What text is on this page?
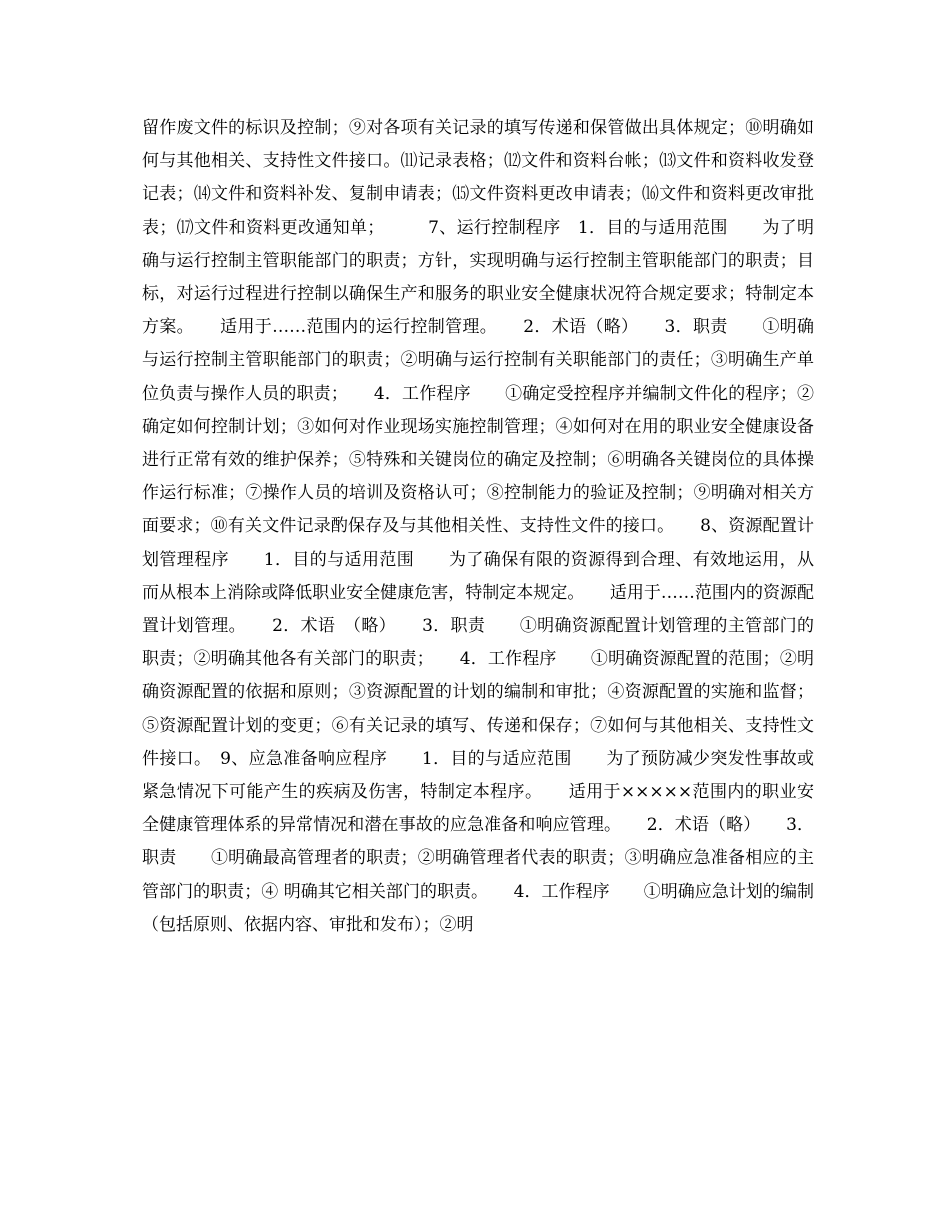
留作废文件的标识及控制；⑨对各项有关记录的填写传递和保管做出具体规定；⑩明确如何与其他相关、支持性文件接口。⑾记录表格；⑿文件和资料台帐；⒀文件和资料收发登记表；⒁文件和资料补发、复制申请表；⒂文件资料更改申请表；⒃文件和资料更改审批表；⒄文件和资料更改通知单；　　　7、运行控制程序　1．目的与适用范围　　为了明确与运行控制主管职能部门的职责；方针，实现明确与运行控制主管职能部门的职责；目标，对运行过程进行控制以确保生产和服务的职业安全健康状况符合规定要求；特制定本方案。　　适用于……范围内的运行控制管理。　　2．术语（略）　　3．职责　　①明确与运行控制主管职能部门的职责；②明确与运行控制有关职能部门的责任；③明确生产单位负责与操作人员的职责；　　4．工作程序　　①确定受控程序并编制文件化的程序；②确定如何控制计划；③如何对作业现场实施控制管理；④如何对在用的职业安全健康设备进行正常有效的维护保养；⑤特殊和关键岗位的确定及控制；⑥明确各关键岗位的具体操作运行标准；⑦操作人员的培训及资格认可；⑧控制能力的验证及控制；⑨明确对相关方面要求；⑩有关文件记录酌保存及与其他相关性、支持性文件的接口。　　8、资源配置计划管理程序　　1．目的与适用范围　　为了确保有限的资源得到合理、有效地运用，从而从根本上消除或降低职业安全健康危害，特制定本规定。　　适用于……范围内的资源配置计划管理。　　2．术语　（略）　　3．职责　　①明确资源配置计划管理的主管部门的职责；②明确其他各有关部门的职责；　　4．工作程序　　①明确资源配置的范围；②明确资源配置的依据和原则；③资源配置的计划的编制和审批；④资源配置的实施和监督；⑤资源配置计划的变更；⑥有关记录的填写、传递和保存；⑦如何与其他相关、支持性文件接口。　9、应急准备响应程序　　1．目的与适应范围　　为了预防减少突发性事故或紧急情况下可能产生的疾病及伤害，特制定本程序。　　适用于×××××范围内的职业安全健康管理体系的异常情况和潜在事故的应急准备和响应管理。　　2．术语（略）　　3．职责　　①明确最高管理者的职责；②明确管理者代表的职责；③明确应急准备相应的主管部门的职责；④ 明确其它相关部门的职责。　　4．工作程序　　①明确应急计划的编制（包括原则、依据内容、审批和发布）；②明
